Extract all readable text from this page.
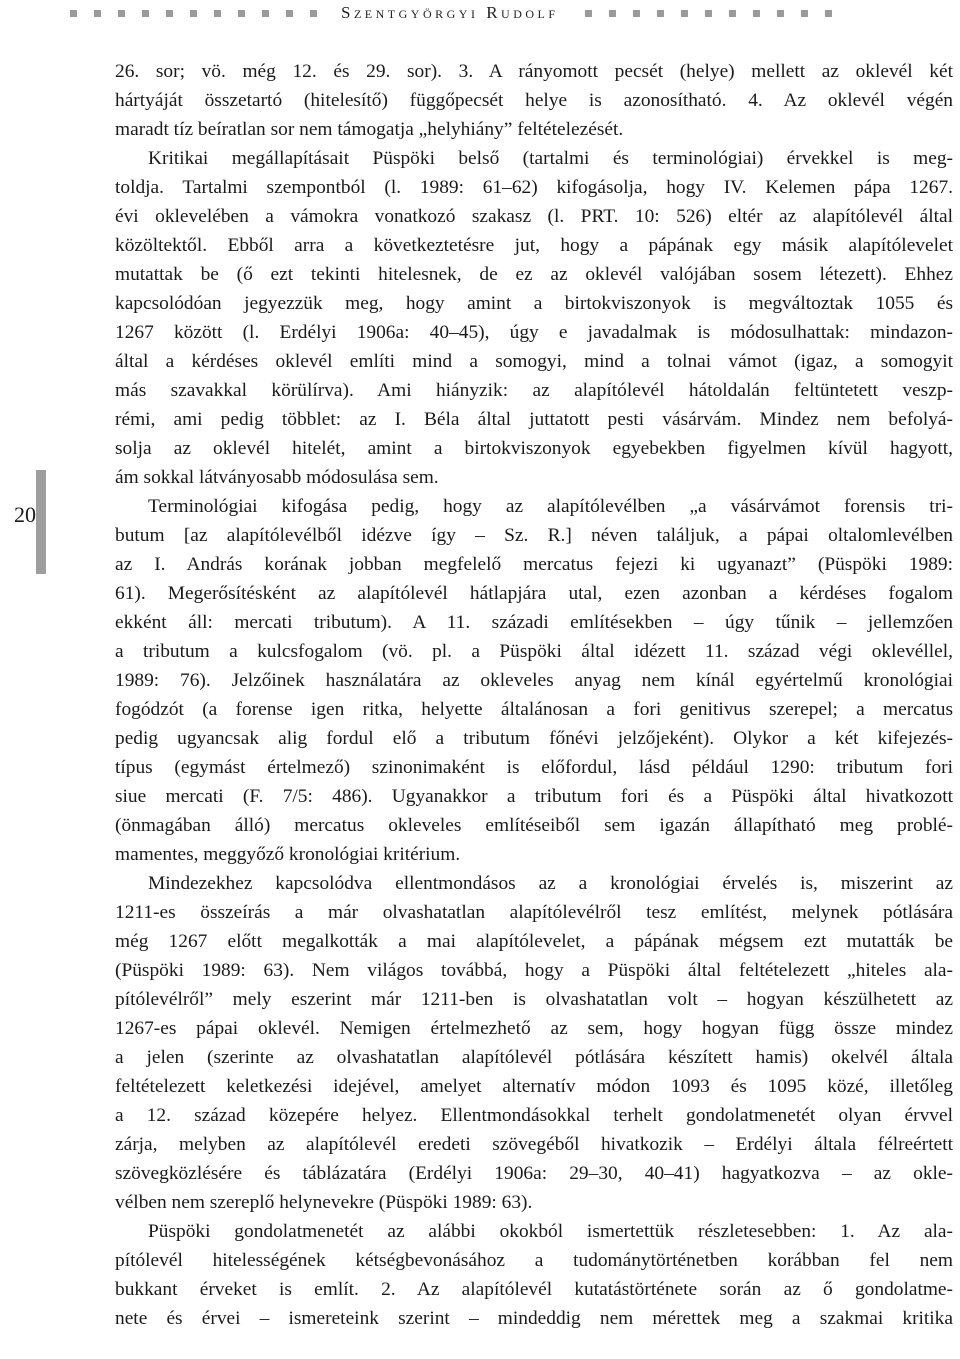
Szentgyörgyi Rudolf
20
26. sor; vö. még 12. és 29. sor). 3. A rányomott pecsét (helye) mellett az oklevél két
hártyáját összetartó (hitelesítő) függőpecsét helye is azonosítható. 4. Az oklevél végén
maradt tíz beíratlan sor nem támogatja „helyhiány” feltételezését.
Kritikai megállapításait Püspöki belső (tartalmi és terminológiai) érvekkel is meg-
toldja. Tartalmi szempontból (l. 1989: 61–62) kifogásolja, hogy IV. Kelemen pápa 1267.
évi oklevelében a vámokra vonatkozó szakasz (l. PRT. 10: 526) eltér az alapítólevél által
közöltektől. Ebből arra a következtetésre jut, hogy a pápának egy másik alapítólevelet
mutattak be (ő ezt tekinti hitelesnek, de ez az oklevél valójában sosem létezett). Ehhez
kapcsolódóan jegyezzük meg, hogy amint a birtokviszonyok is megváltoztak 1055 és
1267 között (l. Erdélyi 1906a: 40–45), úgy e javadalmak is módosulhattak: mindazon-
által a kérdéses oklevél említi mind a somogyi, mind a tolnai vámot (igaz, a somogyit
más szavakkal körülírva). Ami hiányzik: az alapítólevél hátoldalán feltüntetett veszp-
rémi, ami pedig többlet: az I. Béla által juttatott pesti vásárvám. Mindez nem befolyá-
solja az oklevél hitelét, amint a birtokviszonyok egyebekben figyelmen kívül hagyott,
ám sokkal látványosabb módosulása sem.
Terminológiai kifogása pedig, hogy az alapítólevélben „a vásárvámot forensis tri-
butum [az alapítólevélből idézve így – Sz. R.] néven találjuk, a pápai oltalomlevélben
az I. András korának jobban megfelelő mercatus fejezi ki ugyanazt” (Püspöki 1989:
61). Megerősítésként az alapítólevél hátlapjára utal, ezen azonban a kérdéses fogalom
ekként áll: mercati tributum). A 11. századi említésekben – úgy tűnik – jellemzően
a tributum a kulcsfogalom (vö. pl. a Püspöki által idézett 11. század végi oklevéllel,
1989: 76). Jelzőinek használatára az okleveles anyag nem kínál egyértelmű kronológiai
fogódzót (a forense igen ritka, helyette általánosan a fori genitivus szerepel; a mercatus
pedig ugyancsak alig fordul elő a tributum főnévi jelzőjeként). Olykor a két kifejezés-
típus (egymást értelmező) szinonimaként is előfordul, lásd például 1290: tributum fori
siue mercati (F. 7/5: 486). Ugyanakkor a tributum fori és a Püspöki által hivatkozott
(önmagában álló) mercatus okleveles említéseiből sem igazán állapítható meg problé-
mamentes, meggyőző kronológiai kritérium.
Mindezekhez kapcsolódva ellentmondásos az a kronológiai érvelés is, miszerint az
1211-es összeírás a már olvashatatlan alapítólevélről tesz említést, melynek pótlására
még 1267 előtt megalkották a mai alapítólevelet, a pápának mégsem ezt mutatták be
(Püspöki 1989: 63). Nem világos továbbá, hogy a Püspöki által feltételezett „hiteles ala-
pítólevélről” mely eszerint már 1211-ben is olvashatatlan volt – hogyan készülhetett az
1267-es pápai oklevél. Nemigen értelmezhető az sem, hogy hogyan függ össze mindez
a jelen (szerinte az olvashatatlan alapítólevél pótlására készített hamis) okelvél általa
feltételezett keletkezési idejével, amelyet alternatív módon 1093 és 1095 közé, illetőleg
a 12. század közepére helyez. Ellentmondásokkal terhelt gondolatmenetét olyan érvvel
zárja, melyben az alapítólevél eredeti szövegéből hivatkozik – Erdélyi általa félreértett
szövegközlésére és táblázatára (Erdélyi 1906a: 29–30, 40–41) hagyatkozva – az okle-
vélben nem szereplő helynevekre (Püspöki 1989: 63).
Püspöki gondolatmenetét az alábbi okokból ismertettük részletesebben: 1. Az ala-
pítólevél hitelességének kétségbevonásához a tudománytörténetben korábban fel nem
bukkant érveket is említ. 2. Az alapítólevél kutatástörténete során az ő gondolatme-
nete és érvei – ismereteink szerint – mindeddig nem mérettek meg a szakmai kritika
